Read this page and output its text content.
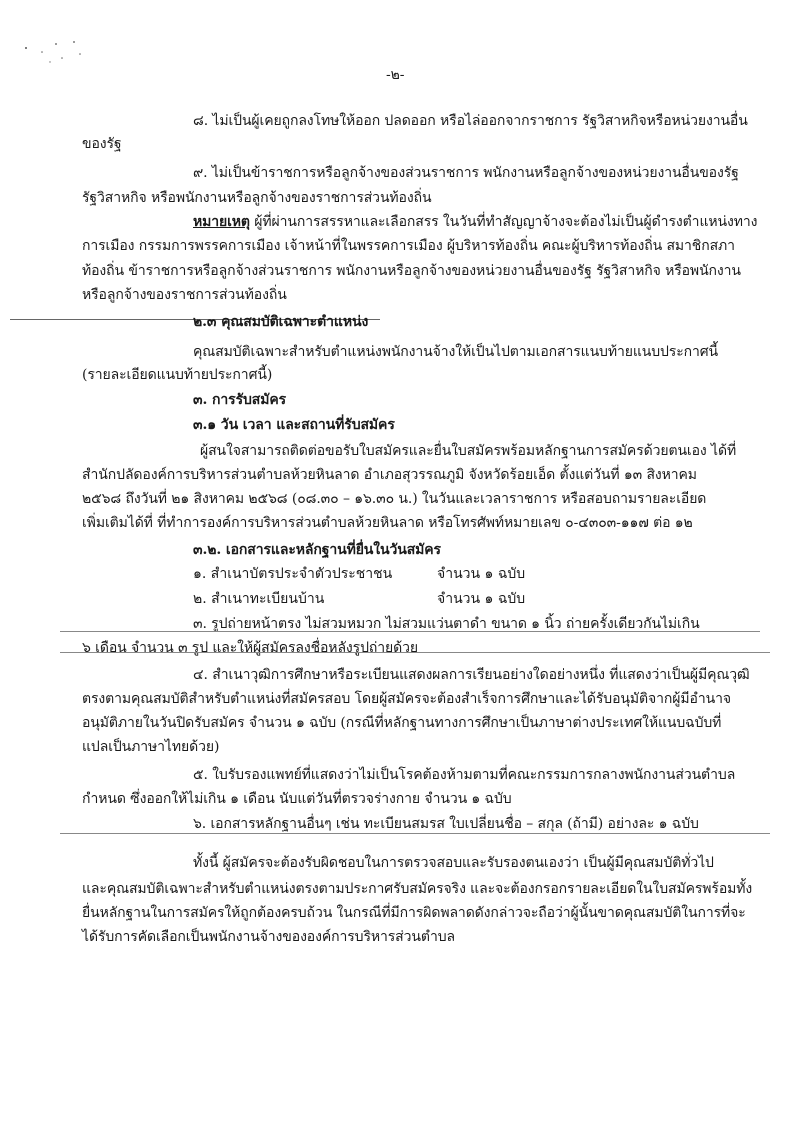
-๒-
๘. ไม่เป็นผู้เคยถูกลงโทษให้ออก ปลดออก หรือไล่ออกจากราชการ รัฐวิสาหกิจหรือหน่วยงานอื่น
ของรัฐ
๙. ไม่เป็นข้าราชการหรือลูกจ้างของส่วนราชการ พนักงานหรือลูกจ้างของหน่วยงานอื่นของรัฐ
รัฐวิสาหกิจ หรือพนักงานหรือลูกจ้างของราชการส่วนท้องถิ่น
หมายเหตุ ผู้ที่ผ่านการสรรหาและเลือกสรร ในวันที่ทำสัญญาจ้างจะต้องไม่เป็นผู้ดำรงตำแหน่งทาง
การเมือง กรรมการพรรคการเมือง เจ้าหน้าที่ในพรรคการเมือง ผู้บริหารท้องถิ่น คณะผู้บริหารท้องถิ่น สมาชิกสภา
ท้องถิ่น ข้าราชการหรือลูกจ้างส่วนราชการ พนักงานหรือลูกจ้างของหน่วยงานอื่นของรัฐ รัฐวิสาหกิจ หรือพนักงาน
หรือลูกจ้างของราชการส่วนท้องถิ่น
๒.๓ คุณสมบัติเฉพาะตำแหน่ง
คุณสมบัติเฉพาะสำหรับตำแหน่งพนักงานจ้างให้เป็นไปตามเอกสารแนบท้ายแนบประกาศนี้
(รายละเอียดแนบท้ายประกาศนี้)
๓. การรับสมัคร
๓.๑ วัน เวลา และสถานที่รับสมัคร
ผู้สนใจสามารถติดต่อขอรับใบสมัครและยื่นใบสมัครพร้อมหลักฐานการสมัครด้วยตนเอง ได้ที่
สำนักปลัดองค์การบริหารส่วนตำบลห้วยหินลาด อำเภอสุวรรณภูมิ จังหวัดร้อยเอ็ด ตั้งแต่วันที่ ๑๓ สิงหาคม
๒๕๖๘ ถึงวันที่ ๒๑ สิงหาคม ๒๕๖๘ (๐๘.๓๐ – ๑๖.๓๐ น.) ในวันและเวลาราชการ หรือสอบถามรายละเอียด
เพิ่มเติมได้ที่ ที่ทำการองค์การบริหารส่วนตำบลห้วยหินลาด หรือโทรศัพท์หมายเลข ๐-๔๓๐๓-๑๑๗ ต่อ ๑๒
๓.๒. เอกสารและหลักฐานที่ยื่นในวันสมัคร
๑. สำเนาบัตรประจำตัวประชาชน	จำนวน ๑ ฉบับ
๒. สำเนาทะเบียนบ้าน	จำนวน ๑ ฉบับ
๓. รูปถ่ายหน้าตรง ไม่สวมหมวก ไม่สวมแว่นตาดำ ขนาด ๑ นิ้ว ถ่ายครั้งเดียวกันไม่เกิน
๖ เดือน จำนวน ๓ รูป และให้ผู้สมัครลงชื่อหลังรูปถ่ายด้วย
๔. สำเนาวุฒิการศึกษาหรือระเบียนแสดงผลการเรียนอย่างใดอย่างหนึ่ง ที่แสดงว่าเป็นผู้มีคุณวุฒิ
ตรงตามคุณสมบัติสำหรับตำแหน่งที่สมัครสอบ โดยผู้สมัครจะต้องสำเร็จการศึกษาและได้รับอนุมัติจากผู้มีอำนาจ
อนุมัติภายในวันปิดรับสมัคร จำนวน ๑ ฉบับ (กรณีที่หลักฐานทางการศึกษาเป็นภาษาต่างประเทศให้แนบฉบับที่
แปลเป็นภาษาไทยด้วย)
๕. ใบรับรองแพทย์ที่แสดงว่าไม่เป็นโรคต้องห้ามตามที่คณะกรรมการกลางพนักงานส่วนตำบล
กำหนด ซึ่งออกให้ไม่เกิน ๑ เดือน นับแต่วันที่ตรวจร่างกาย จำนวน ๑ ฉบับ
๖. เอกสารหลักฐานอื่นๆ เช่น ทะเบียนสมรส ใบเปลี่ยนชื่อ – สกุล (ถ้ามี) อย่างละ ๑ ฉบับ
ทั้งนี้ ผู้สมัครจะต้องรับผิดชอบในการตรวจสอบและรับรองตนเองว่า เป็นผู้มีคุณสมบัติทั่วไป
และคุณสมบัติเฉพาะสำหรับตำแหน่งตรงตามประกาศรับสมัครจริง และจะต้องกรอกรายละเอียดในใบสมัครพร้อมทั้ง
ยื่นหลักฐานในการสมัครให้ถูกต้องครบถ้วน ในกรณีที่มีการผิดพลาดดังกล่าวจะถือว่าผู้นั้นขาดคุณสมบัติในการที่จะ
ได้รับการคัดเลือกเป็นพนักงานจ้างขององค์การบริหารส่วนตำบล
